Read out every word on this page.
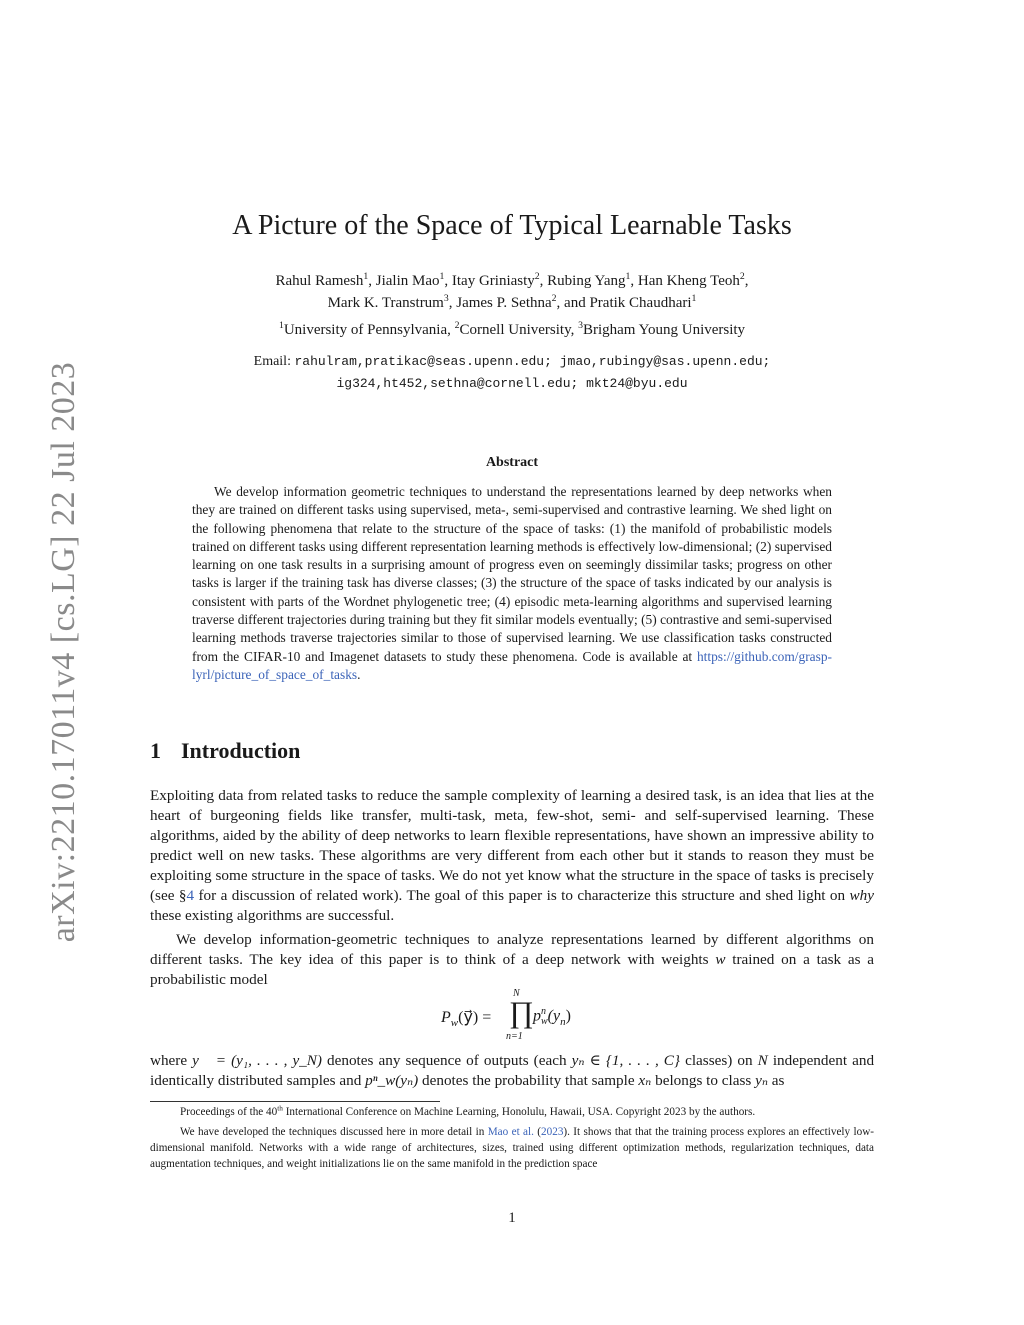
arXiv:2210.17011v4 [cs.LG] 22 Jul 2023
A Picture of the Space of Typical Learnable Tasks
Rahul Ramesh$^1$, Jialin Mao$^1$, Itay Griniasty$^2$, Rubing Yang$^1$, Han Kheng Teoh$^2$,
Mark K. Transtrum$^3$, James P. Sethna$^2$, and Pratik Chaudhari$^1$
$^1$University of Pennsylvania, $^2$Cornell University, $^3$Brigham Young University
Email: rahulram,pratikac@seas.upenn.edu; jmao,rubingy@sas.upenn.edu;
ig324,ht452,sethna@cornell.edu; mkt24@byu.edu
Abstract

We develop information geometric techniques to understand the representations learned by deep networks when they are trained on different tasks using supervised, meta-, semi-supervised and contrastive learning. We shed light on the following phenomena that relate to the structure of the space of tasks: (1) the manifold of probabilistic models trained on different tasks using different representation learning methods is effectively low-dimensional; (2) supervised learning on one task results in a surprising amount of progress even on seemingly dissimilar tasks; progress on other tasks is larger if the training task has diverse classes; (3) the structure of the space of tasks indicated by our analysis is consistent with parts of the Wordnet phylogenetic tree; (4) episodic meta-learning algorithms and supervised learning traverse different trajectories during training but they fit similar models eventually; (5) contrastive and semi-supervised learning methods traverse trajectories similar to those of supervised learning. We use classification tasks constructed from the CIFAR-10 and Imagenet datasets to study these phenomena. Code is available at https://github.com/grasp-lyrl/picture_of_space_of_tasks.

1 Introduction
Exploiting data from related tasks to reduce the sample complexity of learning a desired task, is an idea that lies at the heart of burgeoning fields like transfer, multi-task, meta, few-shot, semi- and self-supervised learning. These algorithms, aided by the ability of deep networks to learn flexible representations, have shown an impressive ability to predict well on new tasks. These algorithms are very different from each other but it stands to reason they must be exploiting some structure in the space of tasks. We do not yet know what the structure in the space of tasks is precisely (see §4 for a discussion of related work). The goal of this paper is to characterize this structure and shed light on why these existing algorithms are successful.
We develop information-geometric techniques to analyze representations learned by different algorithms on different tasks. The key idea of this paper is to think of a deep network with weights w trained on a task as a probabilistic model
$P_w(y⃗)$ =
N
∏
n=1
p n
w $(y_n)$
where y⃗ = (y₁, . . . , y_N) denotes any sequence of outputs (each yₙ ∈ {1, . . . , C} classes) on N independent and identically distributed samples and pⁿ_w(yₙ) denotes the probability that sample xₙ belongs to class yₙ as
Proceedings of the 40th International Conference on Machine Learning, Honolulu, Hawaii, USA. Copyright 2023 by the authors.
We have developed the techniques discussed here in more detail in Mao et al. (2023). It shows that that the training process explores an effectively low-dimensional manifold. Networks with a wide range of architectures, sizes, trained using different optimization methods, regularization techniques, data augmentation techniques, and weight initializations lie on the same manifold in the prediction space
1
